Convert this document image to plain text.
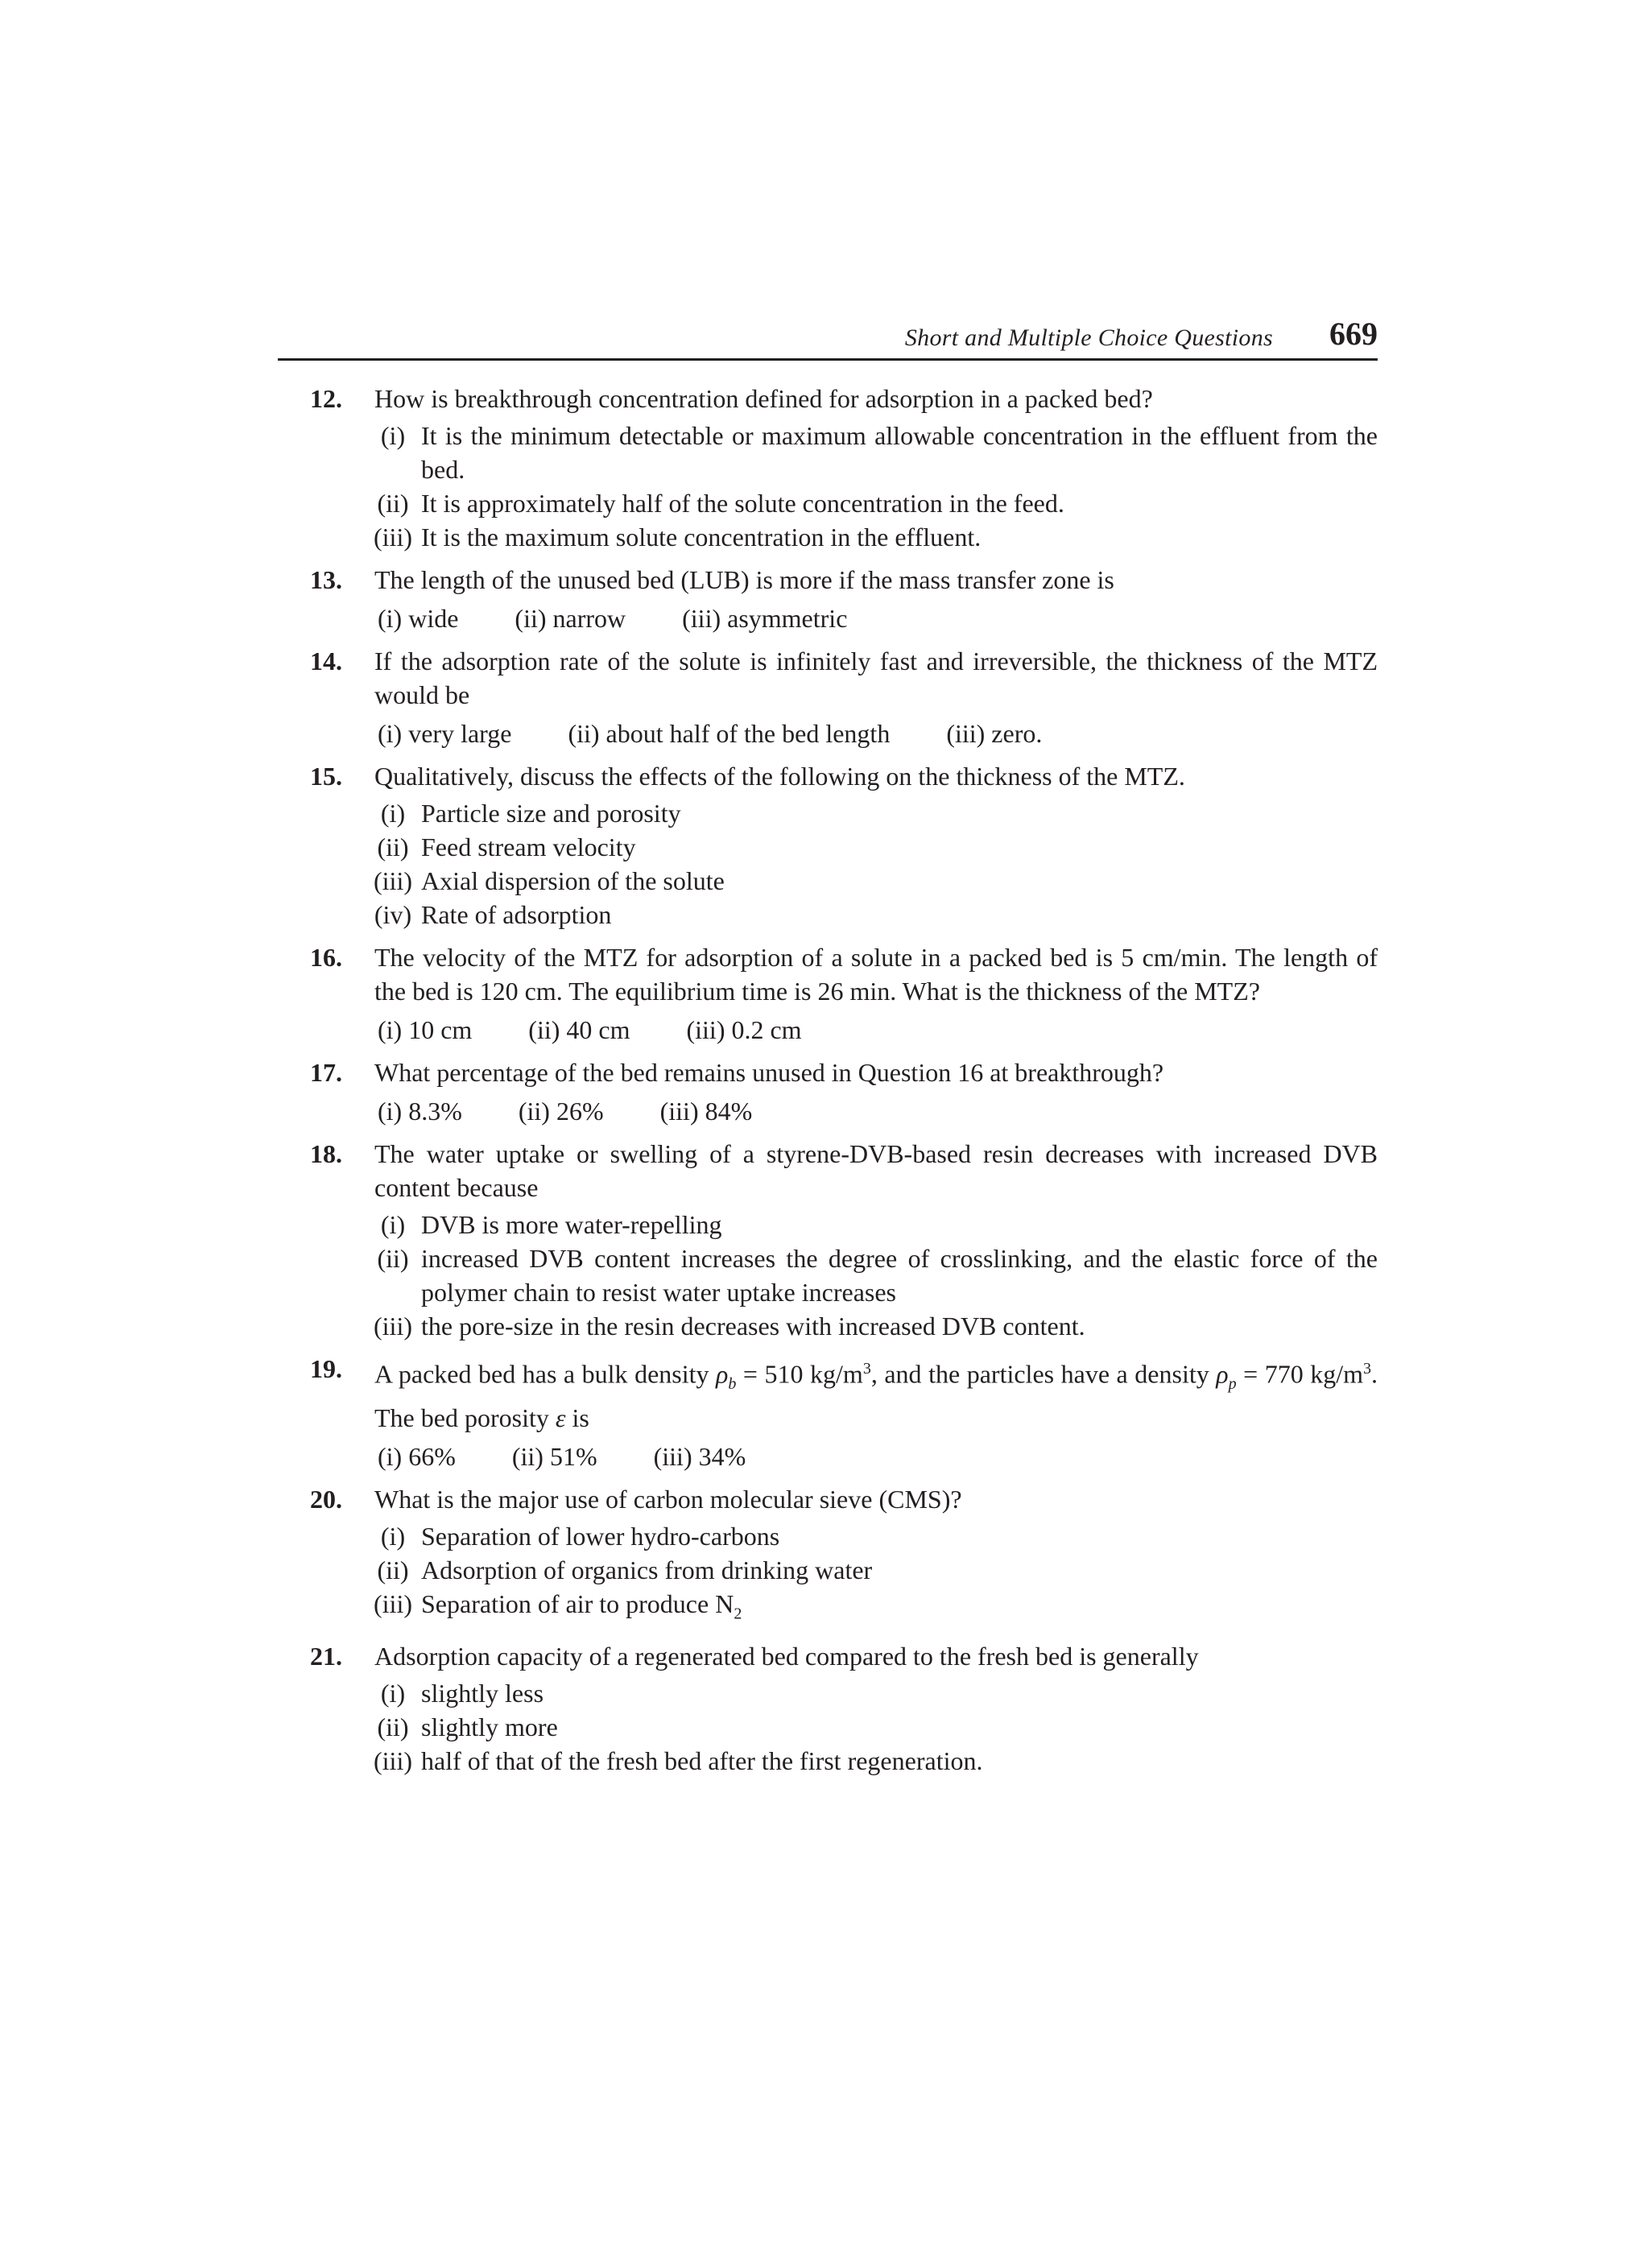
Short and Multiple Choice Questions 669
12. How is breakthrough concentration defined for adsorption in a packed bed?
(i) It is the minimum detectable or maximum allowable concentration in the effluent from the bed.
(ii) It is approximately half of the solute concentration in the feed.
(iii) It is the maximum solute concentration in the effluent.
13. The length of the unused bed (LUB) is more if the mass transfer zone is
(i) wide (ii) narrow (iii) asymmetric
14. If the adsorption rate of the solute is infinitely fast and irreversible, the thickness of the MTZ would be
(i) very large (ii) about half of the bed length (iii) zero.
15. Qualitatively, discuss the effects of the following on the thickness of the MTZ.
(i) Particle size and porosity
(ii) Feed stream velocity
(iii) Axial dispersion of the solute
(iv) Rate of adsorption
16. The velocity of the MTZ for adsorption of a solute in a packed bed is 5 cm/min. The length of the bed is 120 cm. The equilibrium time is 26 min. What is the thickness of the MTZ?
(i) 10 cm (ii) 40 cm (iii) 0.2 cm
17. What percentage of the bed remains unused in Question 16 at breakthrough?
(i) 8.3% (ii) 26% (iii) 84%
18. The water uptake or swelling of a styrene-DVB-based resin decreases with increased DVB content because
(i) DVB is more water-repelling
(ii) increased DVB content increases the degree of crosslinking, and the elastic force of the polymer chain to resist water uptake increases
(iii) the pore-size in the resin decreases with increased DVB content.
19. A packed bed has a bulk density $\rho_b = 510$ $kg/m^3$, and the particles have a density $\rho_p = 770$ $kg/m^3$. The bed porosity ε is
(i) 66% (ii) 51% (iii) 34%
20. What is the major use of carbon molecular sieve (CMS)?
(i) Separation of lower hydro-carbons
(ii) Adsorption of organics from drinking water
(iii) Separation of air to produce $N_2$
21. Adsorption capacity of a regenerated bed compared to the fresh bed is generally
(i) slightly less
(ii) slightly more
(iii) half of that of the fresh bed after the first regeneration.
